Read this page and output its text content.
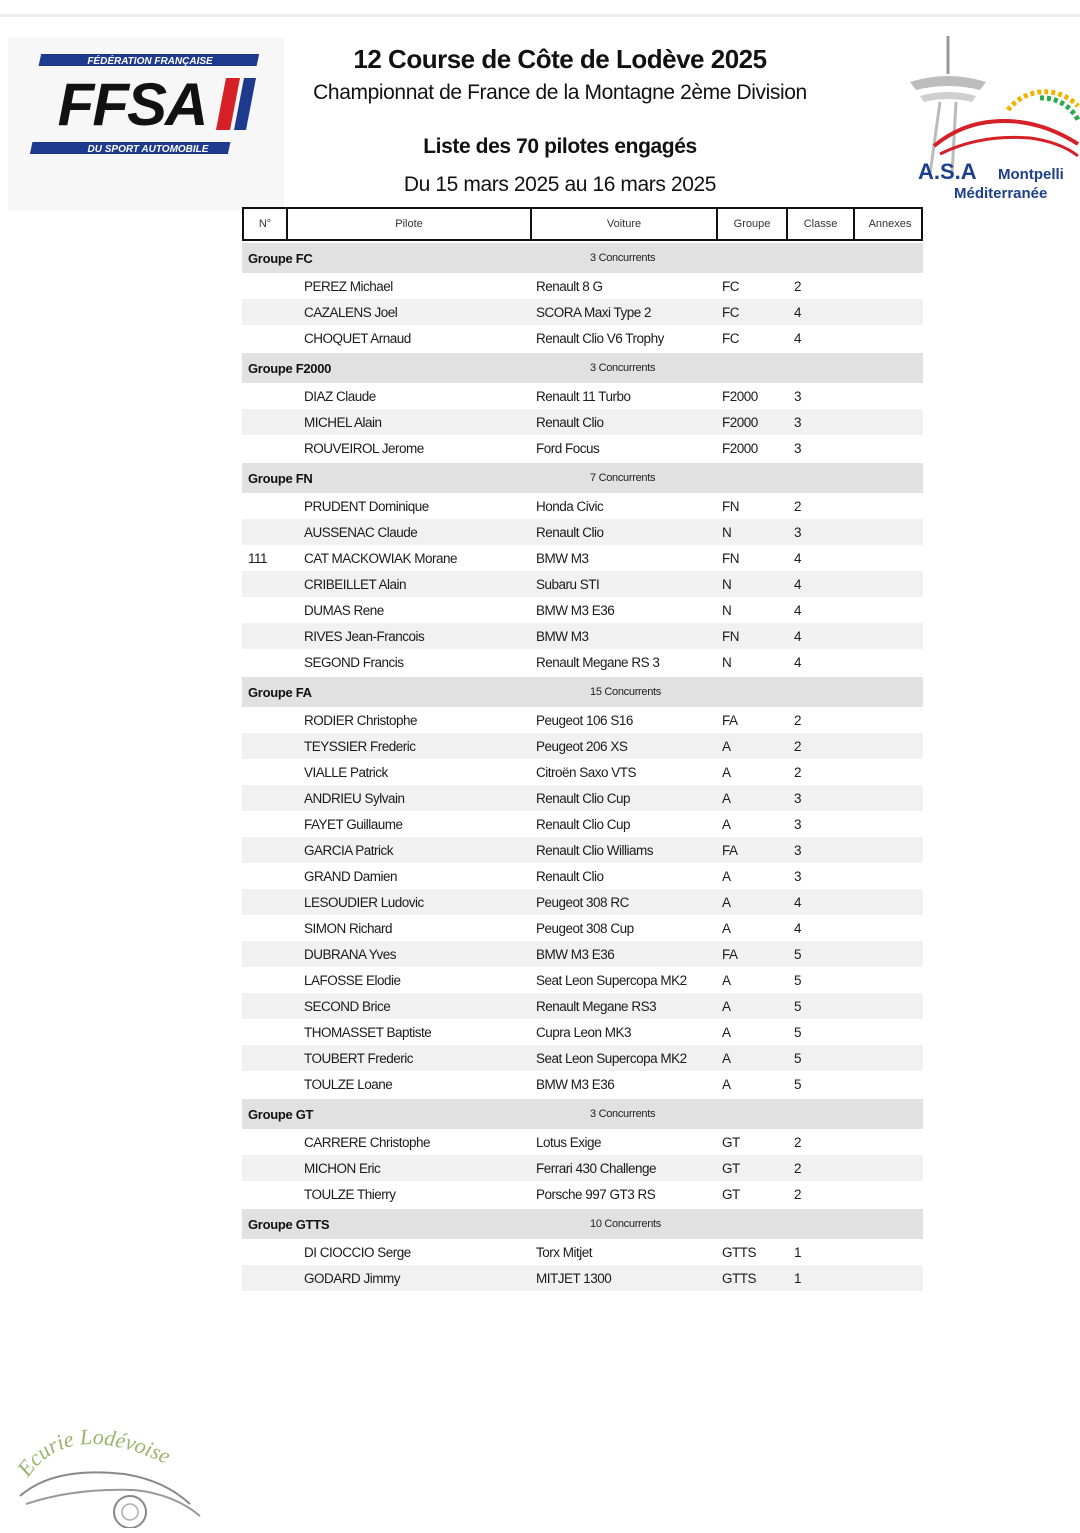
FÉDÉRATION FRANÇAISE
FFSA
DU SPORT AUTOMOBILE
12 Course de Côte de Lodève 2025
Championnat de France de la Montagne 2ème Division
Liste des 70 pilotes engagés
Du 15 mars 2025 au 16 mars 2025
A.S.A Montpelli
Méditerranée
N°	Pilote	Voiture	Groupe	Classe	Annexes
Groupe FC	3 Concurrents
PEREZ Michael	Renault 8 G	FC	2
CAZALENS Joel	SCORA Maxi Type 2	FC	4
CHOQUET Arnaud	Renault Clio V6 Trophy	FC	4
Groupe F2000	3 Concurrents
DIAZ Claude	Renault 11 Turbo	F2000	3
MICHEL Alain	Renault Clio	F2000	3
ROUVEIROL Jerome	Ford Focus	F2000	3
Groupe FN	7 Concurrents
PRUDENT Dominique	Honda Civic	FN	2
AUSSENAC Claude	Renault Clio	N	3
111	CAT MACKOWIAK Morane	BMW M3	FN	4
CRIBEILLET Alain	Subaru STI	N	4
DUMAS Rene	BMW M3 E36	N	4
RIVES Jean-Francois	BMW M3	FN	4
SEGOND Francis	Renault Megane RS 3	N	4
Groupe FA	15 Concurrents
RODIER Christophe	Peugeot 106 S16	FA	2
TEYSSIER Frederic	Peugeot 206 XS	A	2
VIALLE Patrick	Citroën Saxo VTS	A	2
ANDRIEU Sylvain	Renault Clio Cup	A	3
FAYET Guillaume	Renault Clio Cup	A	3
GARCIA Patrick	Renault Clio Williams	FA	3
GRAND Damien	Renault Clio	A	3
LESOUDIER Ludovic	Peugeot 308 RC	A	4
SIMON Richard	Peugeot 308 Cup	A	4
DUBRANA Yves	BMW M3 E36	FA	5
LAFOSSE Elodie	Seat Leon Supercopa MK2	A	5
SECOND Brice	Renault Megane RS3	A	5
THOMASSET Baptiste	Cupra Leon MK3	A	5
TOUBERT Frederic	Seat Leon Supercopa MK2	A	5
TOULZE Loane	BMW M3 E36	A	5
Groupe GT	3 Concurrents
CARRERE Christophe	Lotus Exige	GT	2
MICHON Eric	Ferrari 430 Challenge	GT	2
TOULZE Thierry	Porsche 997 GT3 RS	GT	2
Groupe GTTS	10 Concurrents
DI CIOCCIO Serge	Torx Mitjet	GTTS	1
GODARD Jimmy	MITJET 1300	GTTS	1
Ecurie Lodévoise
